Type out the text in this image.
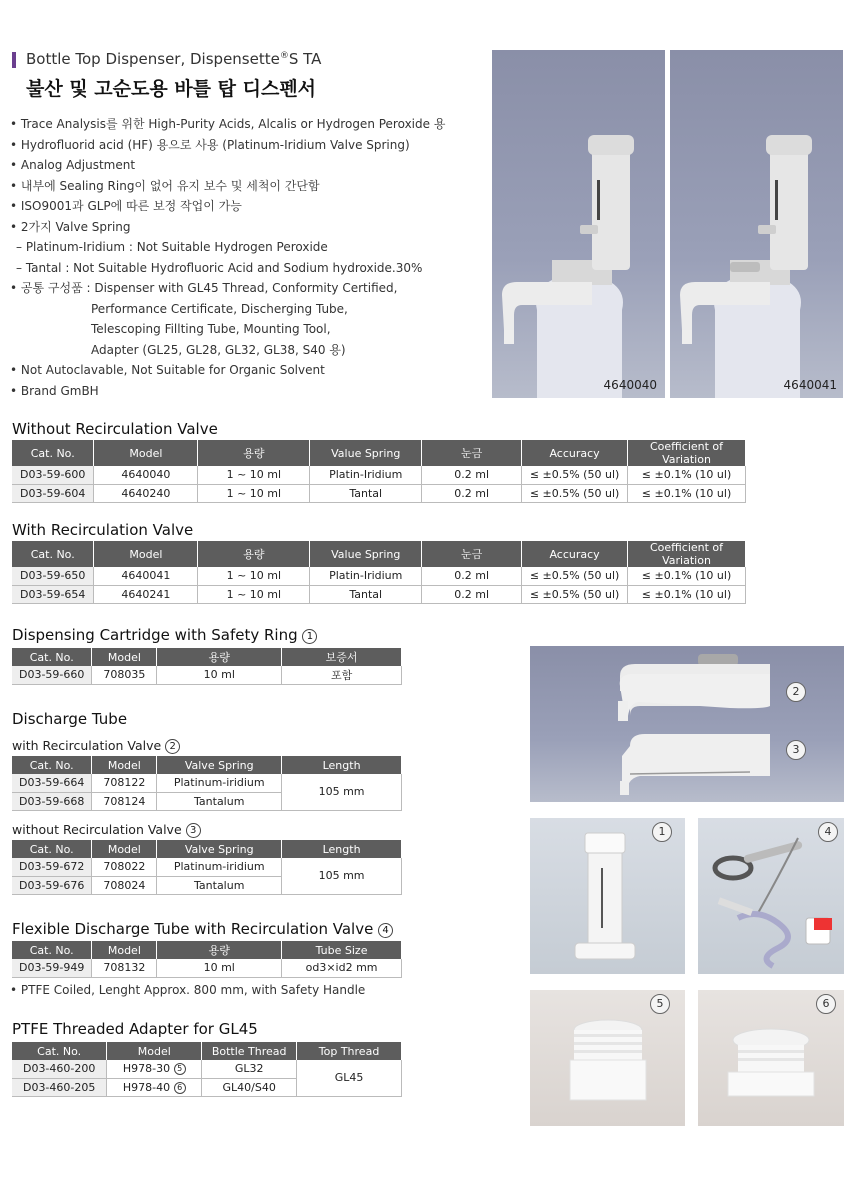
Bottle Top Dispenser, Dispensette®S TA
불산 및 고순도용 바틀 탑 디스펜서
• Trace Analysis를 위한 High-Purity Acids, Alcalis or Hydrogen Peroxide 용
• Hydrofluorid acid (HF) 용으로 사용 (Platinum-Iridium Valve Spring)
• Analog Adjustment
• 내부에 Sealing Ring이 없어 유지 보수 및 세척이 간단함
• ISO9001과 GLP에 따른 보정 작업이 가능
• 2가지 Valve Spring
– Platinum-Iridium : Not Suitable Hydrogen Peroxide
– Tantal : Not Suitable Hydrofluoric Acid and Sodium hydroxide.30%
• 공통 구성품 : Dispenser with GL45 Thread, Conformity Certified,
Performance Certificate, Discherging Tube,
Telescoping Fillting Tube, Mounting Tool,
Adapter (GL25, GL28, GL32, GL38, S40 용)
• Not Autoclavable, Not Suitable for Organic Solvent
• Brand GmBH	4640040	4640041
Without Recirculation Valve
Cat. No.	Model	용량	Value Spring	눈금	Accuracy	Coefficient of Variation
D03-59-600	4640040	1 ~ 10 ml	Platin-Iridium	0.2 ml	≤ ±0.5% (50 ul)	≤ ±0.1% (10 ul)
D03-59-604	4640240	1 ~ 10 ml	Tantal	0.2 ml	≤ ±0.5% (50 ul)	≤ ±0.1% (10 ul)
With Recirculation Valve
Cat. No.	Model	용량	Value Spring	눈금	Accuracy	Coefficient of Variation
D03-59-650	4640041	1 ~ 10 ml	Platin-Iridium	0.2 ml	≤ ±0.5% (50 ul)	≤ ±0.1% (10 ul)
D03-59-654	4640241	1 ~ 10 ml	Tantal	0.2 ml	≤ ±0.5% (50 ul)	≤ ±0.1% (10 ul)
Dispensing Cartridge with Safety Ring 1
Cat. No.	Model	용량	보증서
D03-59-660	708035	10 ml	포함
Discharge Tube
with Recirculation Valve 2
Cat. No.	Model	Valve Spring	Length
D03-59-664	708122	Platinum-iridium	105 mm
D03-59-668	708124	Tantalum	
without Recirculation Valve 3
Cat. No.	Model	Valve Spring	Length
D03-59-672	708022	Platinum-iridium	105 mm
D03-59-676	708024	Tantalum	
Flexible Discharge Tube with Recirculation Valve 4
Cat. No.	Model	용량	Tube Size
D03-59-949	708132	10 ml	od3×id2 mm
• PTFE Coiled, Lenght Approx. 800 mm, with Safety Handle
PTFE Threaded Adapter for GL45
Cat. No.	Model	Bottle Thread	Top Thread
D03-460-200	H978-30 5	GL32	GL45
D03-460-205	H978-40 6	GL40/S40	
2
3
1	4
5	6
